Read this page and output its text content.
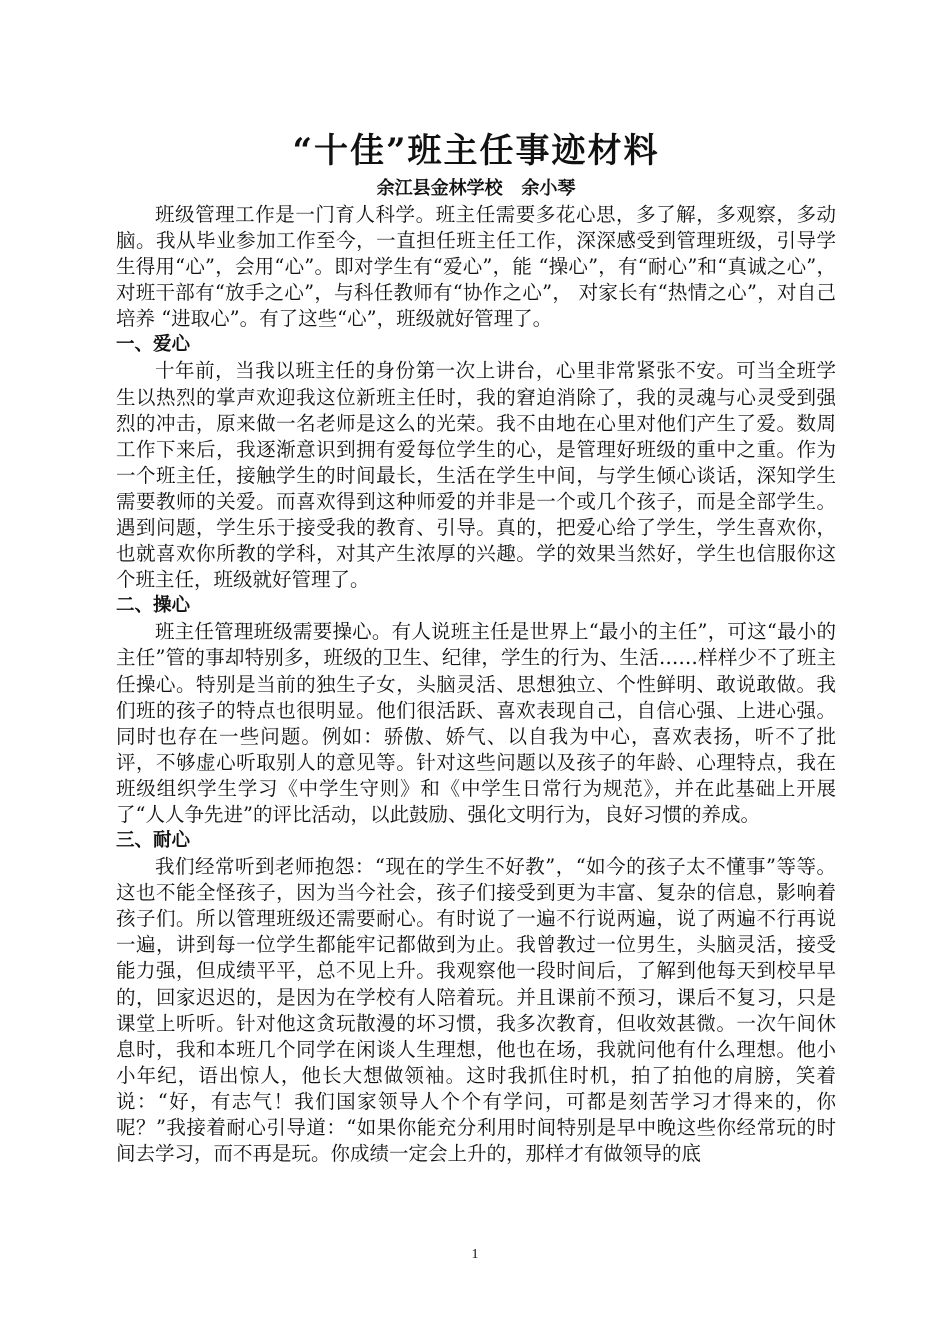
“十佳”班主任事迹材料

余江县金林学校   余小琴

班级管理工作是一门育人科学。班主任需要多花心思，多了解，多观察，多动脑。我从毕业参加工作至今，一直担任班主任工作，深深感受到管理班级，引导学生得用“心”，会用“心”。即对学生有“爱心”，能 “操心”，有“耐心”和“真诚之心”，对班干部有“放手之心”，与科任教师有“协作之心”， 对家长有“热情之心”，对自己培养 “进取心”。有了这些“心”，班级就好管理了。

一、爱心

十年前，当我以班主任的身份第一次上讲台，心里非常紧张不安。可当全班学生以热烈的掌声欢迎我这位新班主任时，我的窘迫消除了，我的灵魂与心灵受到强烈的冲击，原来做一名老师是这么的光荣。我不由地在心里对他们产生了爱。数周工作下来后，我逐渐意识到拥有爱每位学生的心，是管理好班级的重中之重。作为一个班主任，接触学生的时间最长，生活在学生中间，与学生倾心谈话，深知学生需要教师的关爱。而喜欢得到这种师爱的并非是一个或几个孩子，而是全部学生。遇到问题，学生乐于接受我的教育、引导。真的，把爱心给了学生，学生喜欢你，也就喜欢你所教的学科，对其产生浓厚的兴趣。学的效果当然好，学生也信服你这个班主任，班级就好管理了。

二、操心

班主任管理班级需要操心。有人说班主任是世界上“最小的主任”，可这“最小的主任”管的事却特别多，班级的卫生、纪律，学生的行为、生活……样样少不了班主任操心。特别是当前的独生子女，头脑灵活、思想独立、个性鲜明、敢说敢做。我们班的孩子的特点也很明显。他们很活跃、喜欢表现自己，自信心强、上进心强。同时也存在一些问题。例如：骄傲、娇气、以自我为中心，喜欢表扬，听不了批评，不够虚心听取别人的意见等。针对这些问题以及孩子的年龄、心理特点，我在班级组织学生学习《中学生守则》和《中学生日常行为规范》，并在此基础上开展了“人人争先进”的评比活动，以此鼓励、强化文明行为，良好习惯的养成。

三、耐心

我们经常听到老师抱怨：“现在的学生不好教”，“如今的孩子太不懂事”等等。这也不能全怪孩子，因为当今社会，孩子们接受到更为丰富、复杂的信息，影响着孩子们。所以管理班级还需要耐心。有时说了一遍不行说两遍，说了两遍不行再说一遍，讲到每一位学生都能牢记都做到为止。我曾教过一位男生，头脑灵活，接受能力强，但成绩平平，总不见上升。我观察他一段时间后，了解到他每天到校早早的，回家迟迟的，是因为在学校有人陪着玩。并且课前不预习，课后不复习，只是课堂上听听。针对他这贪玩散漫的坏习惯，我多次教育，但收效甚微。一次午间休息时，我和本班几个同学在闲谈人生理想，他也在场，我就问他有什么理想。他小小年纪，语出惊人，他长大想做领袖。这时我抓住时机，拍了拍他的肩膀，笑着说：“好，有志气！我们国家领导人个个有学问，可都是刻苦学习才得来的，你呢？”我接着耐心引导道：“如果你能充分利用时间特别是早中晚这些你经常玩的时间去学习，而不再是玩。你成绩一定会上升的，那样才有做领导的底

1
